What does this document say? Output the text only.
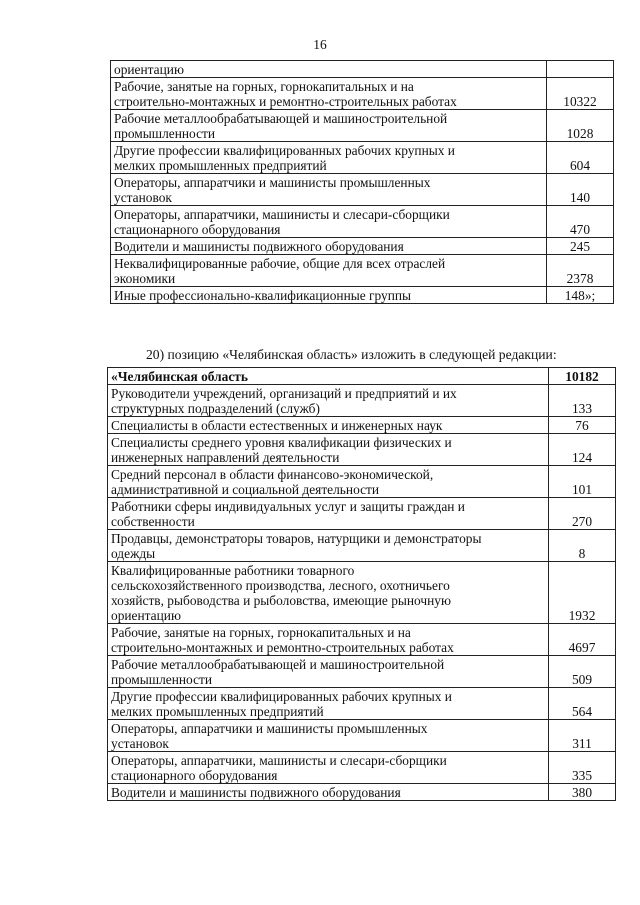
16
ориентацию	
Рабочие, занятые на горных, горнокапитальных и на
строительно-монтажных и ремонтно-строительных работах	10322
Рабочие металлообрабатывающей и машиностроительной
промышленности	1028
Другие профессии квалифицированных рабочих крупных и
мелких промышленных предприятий	604
Операторы, аппаратчики и машинисты промышленных
установок	140
Операторы, аппаратчики, машинисты и слесари-сборщики
стационарного оборудования	470
Водители и машинисты подвижного оборудования	245
Неквалифицированные рабочие, общие для всех отраслей
экономики	2378
Иные профессионально-квалификационные группы	148»;
20) позицию «Челябинская область» изложить в следующей редакции:
«Челябинская область	10182
Руководители учреждений, организаций и предприятий и их
структурных подразделений (служб)	133
Специалисты в области естественных и инженерных наук	76
Специалисты среднего уровня квалификации физических и
инженерных направлений деятельности	124
Средний персонал в области финансово-экономической,
административной и социальной деятельности	101
Работники сферы индивидуальных услуг и защиты граждан и
собственности	270
Продавцы, демонстраторы товаров, натурщики и демонстраторы
одежды	8
Квалифицированные работники товарного
сельскохозяйственного производства, лесного, охотничьего
хозяйств, рыбоводства и рыболовства, имеющие рыночную
ориентацию	1932
Рабочие, занятые на горных, горнокапитальных и на
строительно-монтажных и ремонтно-строительных работах	4697
Рабочие металлообрабатывающей и машиностроительной
промышленности	509
Другие профессии квалифицированных рабочих крупных и
мелких промышленных предприятий	564
Операторы, аппаратчики и машинисты промышленных
установок	311
Операторы, аппаратчики, машинисты и слесари-сборщики
стационарного оборудования	335
Водители и машинисты подвижного оборудования	380
